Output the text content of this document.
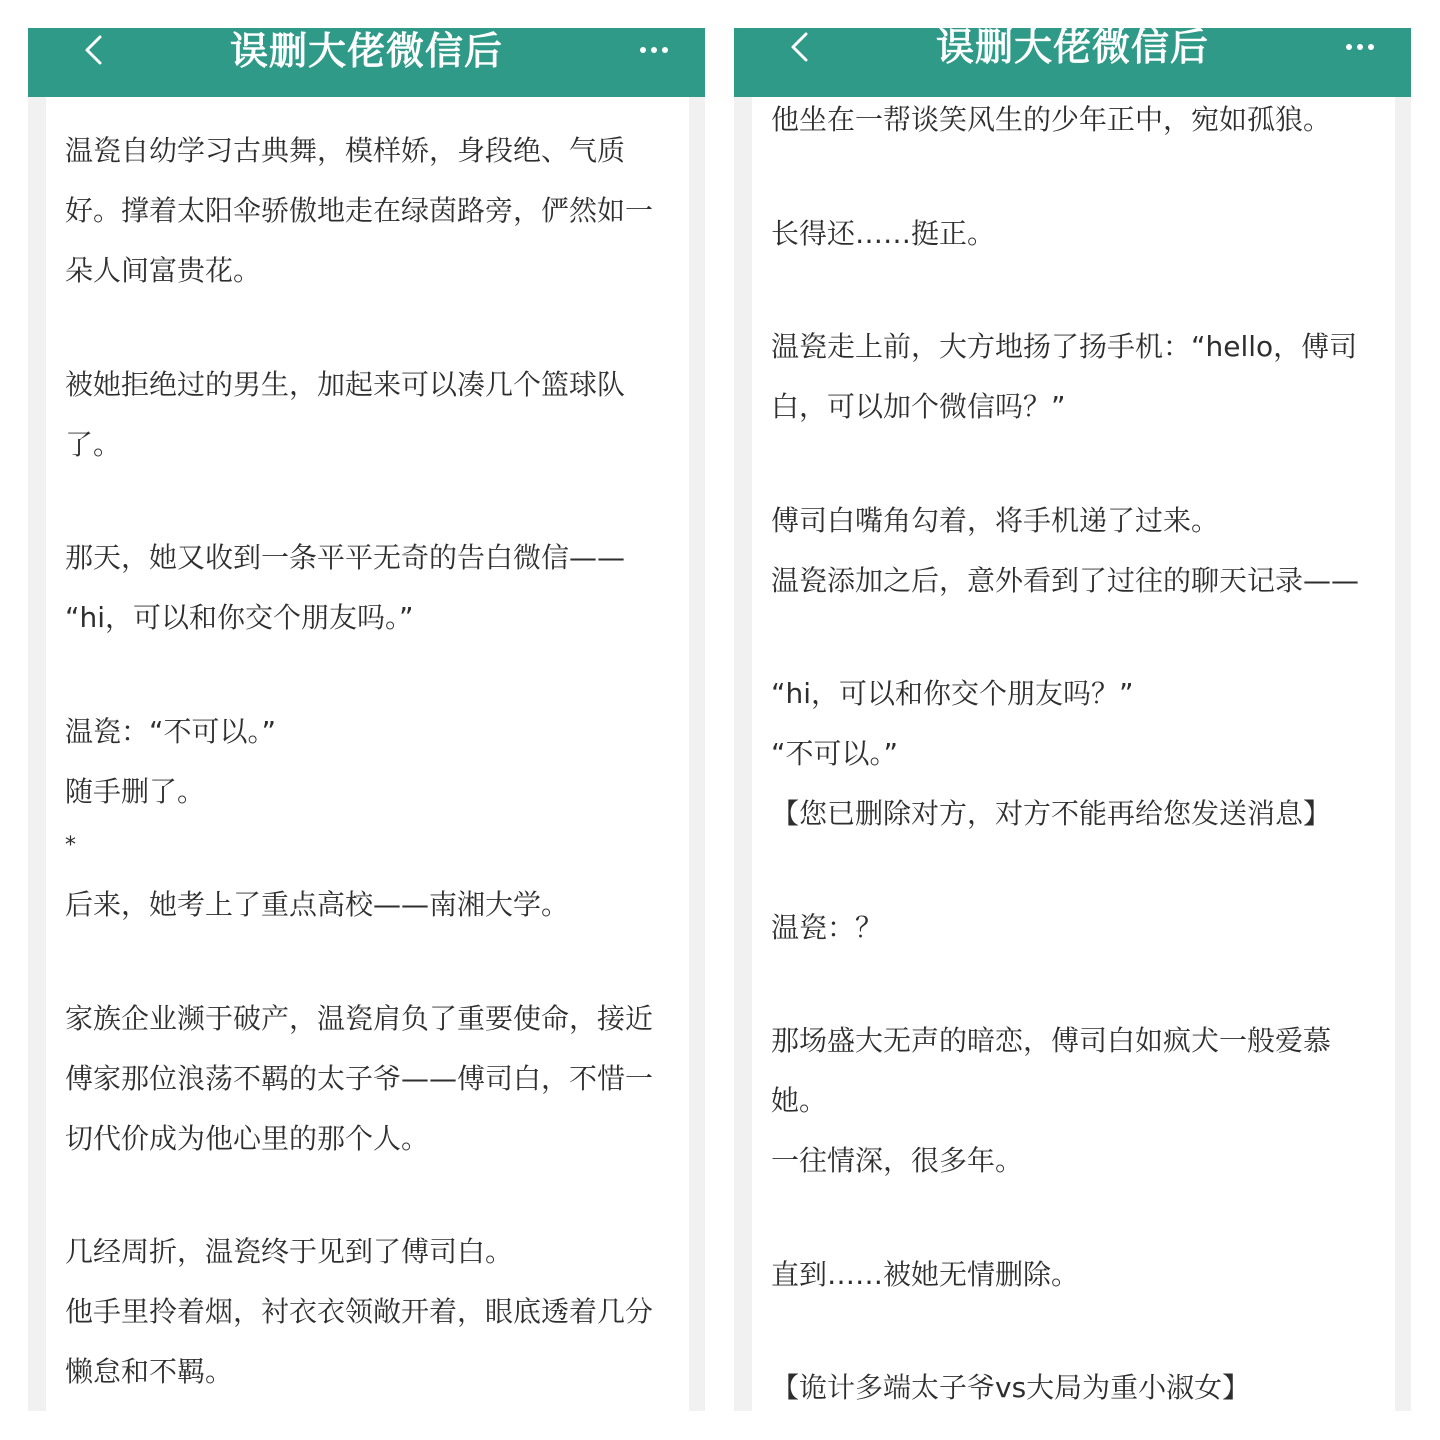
误删大佬微信后
温瓷自幼学习古典舞，模样娇，身段绝、气质
好。撑着太阳伞骄傲地走在绿茵路旁，俨然如一
朵人间富贵花。
被她拒绝过的男生，加起来可以凑几个篮球队
了。
那天，她又收到一条平平无奇的告白微信——
“hi，可以和你交个朋友吗。”
温瓷：“不可以。”
随手删了。
*
后来，她考上了重点高校——南湘大学。
家族企业濒于破产，温瓷肩负了重要使命，接近
傅家那位浪荡不羁的太子爷——傅司白，不惜一
切代价成为他心里的那个人。
几经周折，温瓷终于见到了傅司白。
他手里拎着烟，衬衣衣领敞开着，眼底透着几分
懒怠和不羁。
误删大佬微信后
他坐在一帮谈笑风生的少年正中，宛如孤狼。
长得还……挺正。
温瓷走上前，大方地扬了扬手机：“hello，傅司
白，可以加个微信吗？”
傅司白嘴角勾着，将手机递了过来。
温瓷添加之后，意外看到了过往的聊天记录——
“hi，可以和你交个朋友吗？”
“不可以。”
【您已删除对方，对方不能再给您发送消息】
温瓷：？
那场盛大无声的暗恋，傅司白如疯犬一般爱慕
她。
一往情深，很多年。
直到……被她无情删除。
【诡计多端太子爷vs大局为重小淑女】
